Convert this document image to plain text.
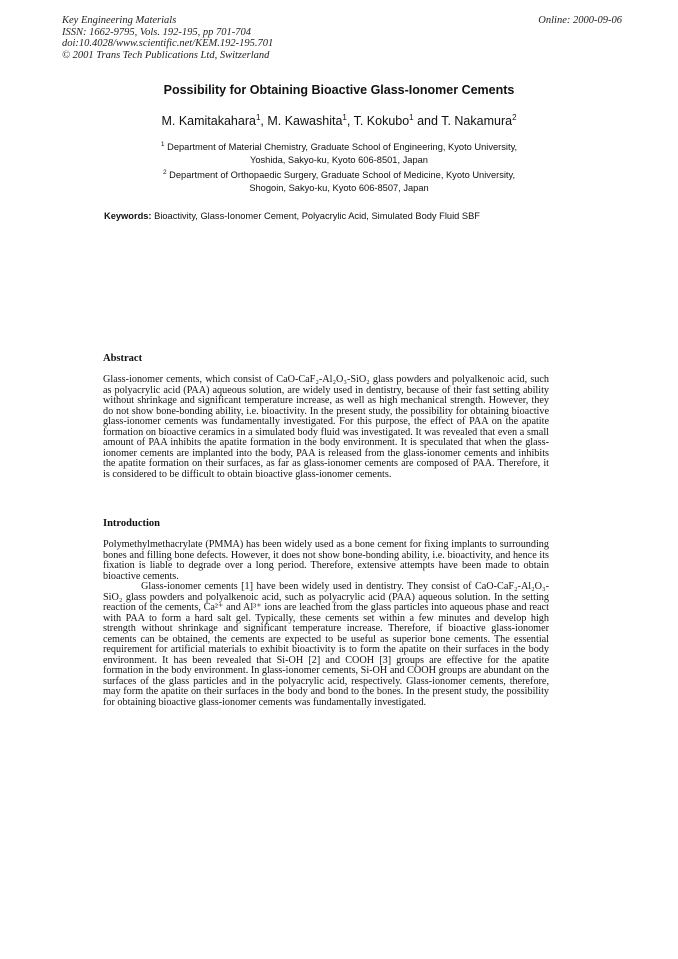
Key Engineering Materials
ISSN: 1662-9795, Vols. 192-195, pp 701-704
doi:10.4028/www.scientific.net/KEM.192-195.701
© 2001 Trans Tech Publications Ltd, Switzerland
Online: 2000-09-06
Possibility for Obtaining Bioactive Glass-Ionomer Cements
M. Kamitakahara$^1$, M. Kawashita$^1$, T. Kokubo$^1$ and T. Nakamura$^2$
$^1$ Department of Material Chemistry, Graduate School of Engineering, Kyoto University,
Yoshida, Sakyo-ku, Kyoto 606-8501, Japan
$^2$ Department of Orthopaedic Surgery, Graduate School of Medicine, Kyoto University,
Shogoin, Sakyo-ku, Kyoto 606-8507, Japan
Keywords: Bioactivity, Glass-Ionomer Cement, Polyacrylic Acid, Simulated Body Fluid SBF
Abstract
Glass-ionomer cements, which consist of CaO-CaF₂-Al₂O₃-SiO₂ glass powders and polyalkenoic acid, such as polyacrylic acid (PAA) aqueous solution, are widely used in dentistry, because of their fast setting ability without shrinkage and significant temperature increase, as well as high mechanical strength. However, they do not show bone-bonding ability, i.e. bioactivity. In the present study, the possibility for obtaining bioactive glass-ionomer cements was fundamentally investigated. For this purpose, the effect of PAA on the apatite formation on bioactive ceramics in a simulated body fluid was investigated. It was revealed that even a small amount of PAA inhibits the apatite formation in the body environment. It is speculated that when the glass-ionomer cements are implanted into the body, PAA is released from the glass-ionomer cements and inhibits the apatite formation on their surfaces, as far as glass-ionomer cements are composed of PAA. Therefore, it is considered to be difficult to obtain bioactive glass-ionomer cements.
Introduction
Polymethylmethacrylate (PMMA) has been widely used as a bone cement for fixing implants to surrounding bones and filling bone defects. However, it does not show bone-bonding ability, i.e. bioactivity, and hence its fixation is liable to degrade over a long period. Therefore, extensive attempts have been made to obtain bioactive cements.
Glass-ionomer cements [1] have been widely used in dentistry. They consist of CaO-CaF₂-Al₂O₃-SiO₂ glass powders and polyalkenoic acid, such as polyacrylic acid (PAA) aqueous solution. In the setting reaction of the cements, Ca²⁺ and Al³⁺ ions are leached from the glass particles into aqueous phase and react with PAA to form a hard salt gel. Typically, these cements set within a few minutes and develop high strength without shrinkage and significant temperature increase. Therefore, if bioactive glass-ionomer cements can be obtained, the cements are expected to be useful as superior bone cements. The essential requirement for artificial materials to exhibit bioactivity is to form the apatite on their surfaces in the body environment. It has been revealed that Si-OH [2] and COOH [3] groups are effective for the apatite formation in the body environment. In glass-ionomer cements, Si-OH and COOH groups are abundant on the surfaces of the glass particles and in the polyacrylic acid, respectively. Glass-ionomer cements, therefore, may form the apatite on their surfaces in the body and bond to the bones. In the present study, the possibility for obtaining bioactive glass-ionomer cements was fundamentally investigated.
